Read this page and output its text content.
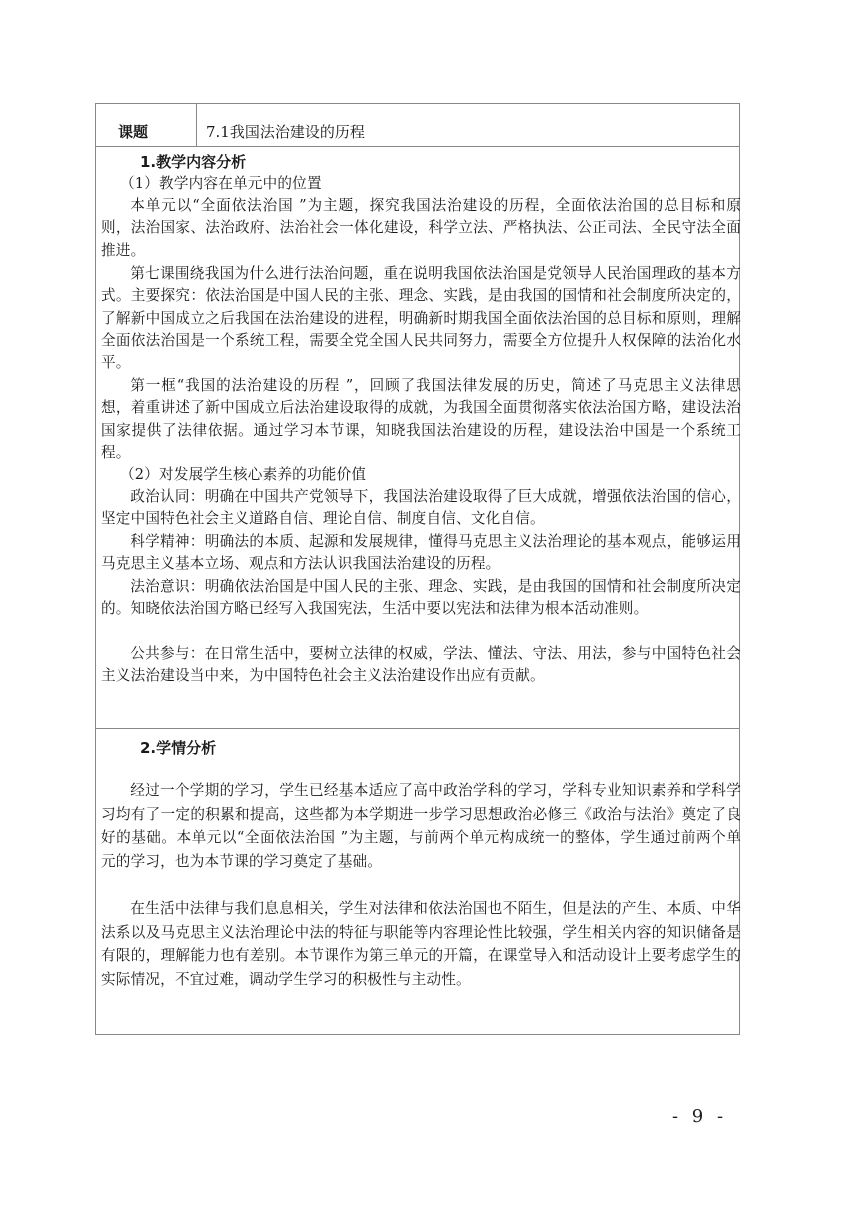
课题	7.1我国法治建设的历程

1.教学内容分析

（1）教学内容在单元中的位置

本单元以“全面依法治国 ”为主题，探究我国法治建设的历程，全面依法治国的总目标和原则，法治国家、法治政府、法治社会一体化建设，科学立法、严格执法、公正司法、全民守法全面推进。

第七课围绕我国为什么进行法治问题，重在说明我国依法治国是党领导人民治国理政的基本方式。主要探究：依法治国是中国人民的主张、理念、实践，是由我国的国情和社会制度所决定的，了解新中国成立之后我国在法治建设的进程，明确新时期我国全面依法治国的总目标和原则，理解全面依法治国是一个系统工程，需要全党全国人民共同努力，需要全方位提升人权保障的法治化水平。

第一框“我国的法治建设的历程 ”，回顾了我国法律发展的历史，简述了马克思主义法律思想，着重讲述了新中国成立后法治建设取得的成就，为我国全面贯彻落实依法治国方略，建设法治国家提供了法律依据。通过学习本节课，知晓我国法治建设的历程，建设法治中国是一个系统工程。

（2）对发展学生核心素养的功能价值

政治认同：明确在中国共产党领导下，我国法治建设取得了巨大成就，增强依法治国的信心，坚定中国特色社会主义道路自信、理论自信、制度自信、文化自信。

科学精神：明确法的本质、起源和发展规律，懂得马克思主义法治理论的基本观点，能够运用马克思主义基本立场、观点和方法认识我国法治建设的历程。

法治意识：明确依法治国是中国人民的主张、理念、实践，是由我国的国情和社会制度所决定的。知晓依法治国方略已经写入我国宪法，生活中要以宪法和法律为根本活动准则。

公共参与：在日常生活中，要树立法律的权威，学法、懂法、守法、用法，参与中国特色社会主义法治建设当中来，为中国特色社会主义法治建设作出应有贡献。

2.学情分析

经过一个学期的学习，学生已经基本适应了高中政治学科的学习，学科专业知识素养和学科学习均有了一定的积累和提高，这些都为本学期进一步学习思想政治必修三《政治与法治》奠定了良好的基础。本单元以“全面依法治国 ”为主题，与前两个单元构成统一的整体，学生通过前两个单元的学习，也为本节课的学习奠定了基础。

在生活中法律与我们息息相关，学生对法律和依法治国也不陌生，但是法的产生、本质、中华法系以及马克思主义法治理论中法的特征与职能等内容理论性比较强，学生相关内容的知识储备是有限的，理解能力也有差别。本节课作为第三单元的开篇，在课堂导入和活动设计上要考虑学生的实际情况，不宜过难，调动学生学习的积极性与主动性。

- 9 -
